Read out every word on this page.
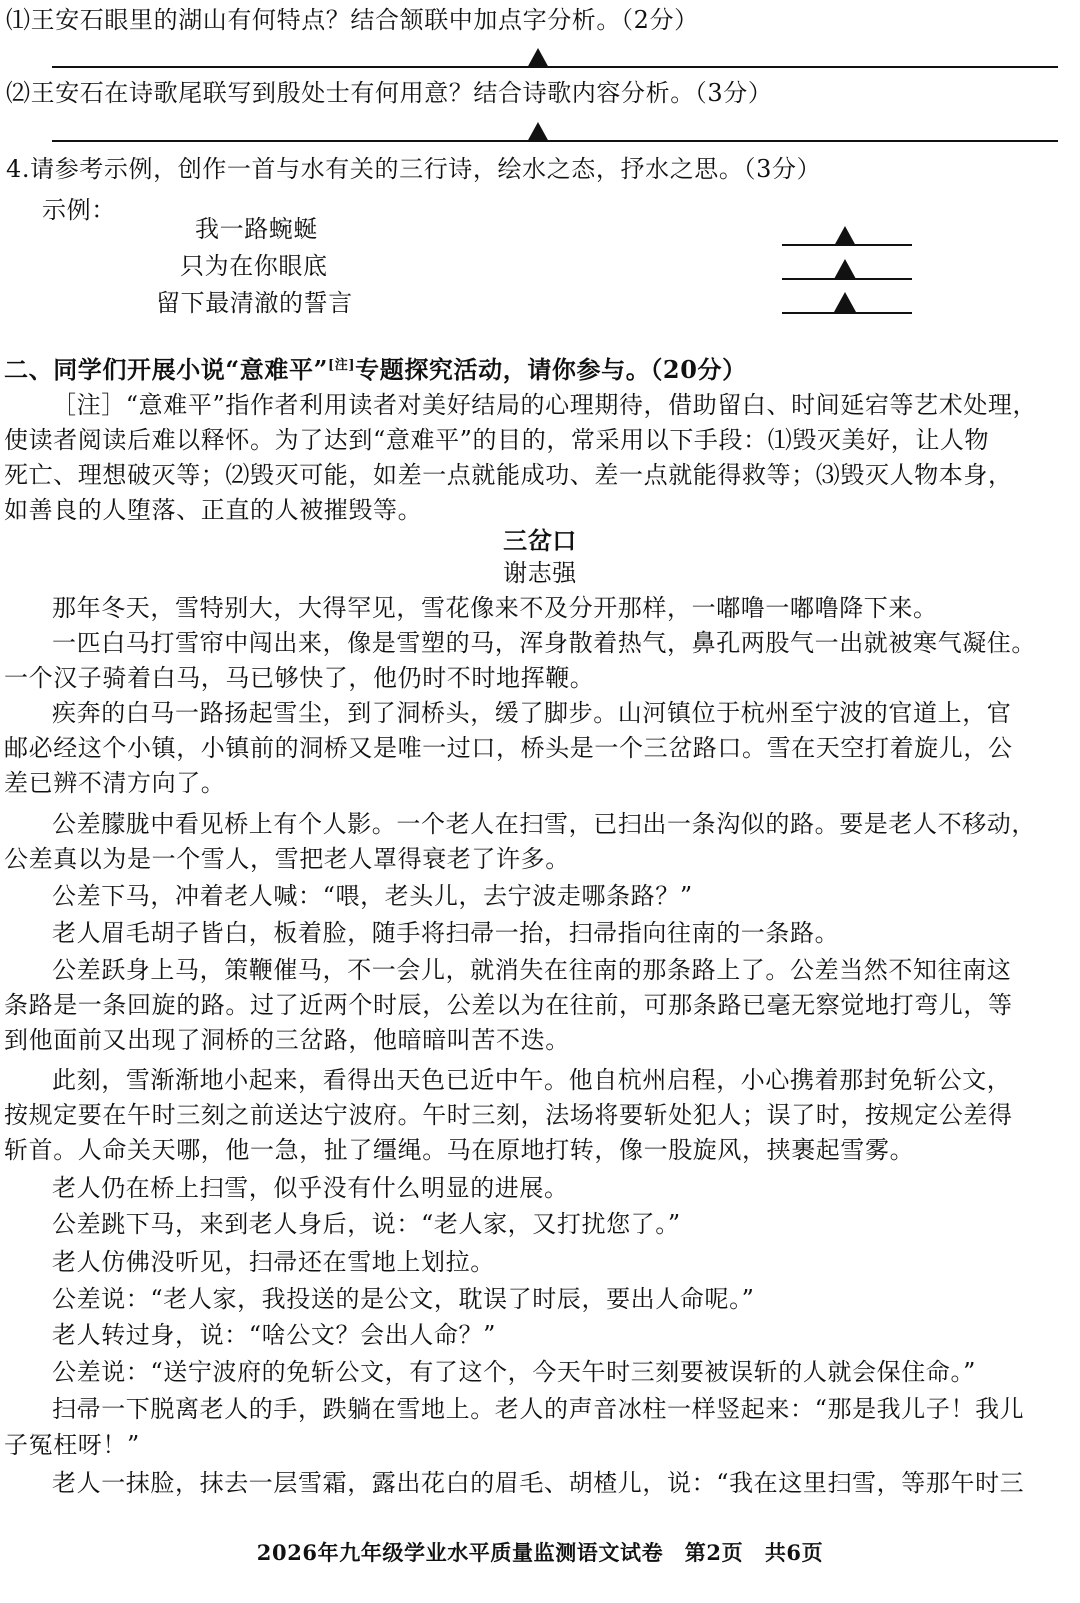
⑴王安石眼里的湖山有何特点？结合颔联中加点字分析。（2分）
⑵王安石在诗歌尾联写到殷处士有何用意？结合诗歌内容分析。（3分）
4.请参考示例，创作一首与水有关的三行诗，绘水之态，抒水之思。（3分）
示例：
我一路蜿蜒
只为在你眼底
留下最清澈的誓言
二、同学们开展小说“意难平”[注]专题探究活动，请你参与。（20分）
［注］“意难平”指作者利用读者对美好结局的心理期待，借助留白、时间延宕等艺术处理，
使读者阅读后难以释怀。为了达到“意难平”的目的，常采用以下手段：⑴毁灭美好，让人物
死亡、理想破灭等；⑵毁灭可能，如差一点就能成功、差一点就能得救等；⑶毁灭人物本身，
如善良的人堕落、正直的人被摧毁等。
三岔口
谢志强
那年冬天，雪特别大，大得罕见，雪花像来不及分开那样，一嘟噜一嘟噜降下来。
一匹白马打雪帘中闯出来，像是雪塑的马，浑身散着热气，鼻孔两股气一出就被寒气凝住。
一个汉子骑着白马，马已够快了，他仍时不时地挥鞭。
疾奔的白马一路扬起雪尘，到了洞桥头，缓了脚步。山河镇位于杭州至宁波的官道上，官
邮必经这个小镇，小镇前的洞桥又是唯一过口，桥头是一个三岔路口。雪在天空打着旋儿，公
差已辨不清方向了。
公差朦胧中看见桥上有个人影。一个老人在扫雪，已扫出一条沟似的路。要是老人不移动，
公差真以为是一个雪人，雪把老人罩得衰老了许多。
公差下马，冲着老人喊：“喂，老头儿，去宁波走哪条路？”
老人眉毛胡子皆白，板着脸，随手将扫帚一抬，扫帚指向往南的一条路。
公差跃身上马，策鞭催马，不一会儿，就消失在往南的那条路上了。公差当然不知往南这
条路是一条回旋的路。过了近两个时辰，公差以为在往前，可那条路已毫无察觉地打弯儿，等
到他面前又出现了洞桥的三岔路，他暗暗叫苦不迭。
此刻，雪渐渐地小起来，看得出天色已近中午。他自杭州启程，小心携着那封免斩公文，
按规定要在午时三刻之前送达宁波府。午时三刻，法场将要斩处犯人；误了时，按规定公差得
斩首。人命关天哪，他一急，扯了缰绳。马在原地打转，像一股旋风，挟裹起雪雾。
老人仍在桥上扫雪，似乎没有什么明显的进展。
公差跳下马，来到老人身后，说：“老人家，又打扰您了。”
老人仿佛没听见，扫帚还在雪地上划拉。
公差说：“老人家，我投送的是公文，耽误了时辰，要出人命呢。”
老人转过身，说：“啥公文？会出人命？”
公差说：“送宁波府的免斩公文，有了这个，今天午时三刻要被误斩的人就会保住命。”
扫帚一下脱离老人的手，跌躺在雪地上。老人的声音冰柱一样竖起来：“那是我儿子！我儿
子冤枉呀！”
老人一抹脸，抹去一层雪霜，露出花白的眉毛、胡楂儿，说：“我在这里扫雪，等那午时三
2026年九年级学业水平质量监测语文试卷　第2页　共6页
